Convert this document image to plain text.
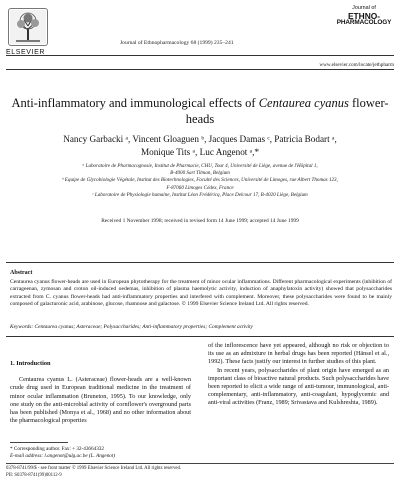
ELSEVIER
Journal of Ethnopharmacology 68 (1999) 235–241
Journal of
ETHNO-
PHARMACOLOGY
www.elsevier.com/locate/jethpharm
Anti-inflammatory and immunological effects of Centaurea cyanus flower-heads
Nancy Garbacki ᵃ, Vincent Gloaguen ᵇ, Jacques Damas ᶜ, Patricia Bodart ᵃ,
Monique Tits ᵃ, Luc Angenot ᵃ,*
ᵃ Laboratoire de Pharmacognosie, Institut de Pharmacie, CHU, Tour 4, Université de Liège, avenue de l'Hôpital 1,
B-4000 Sart Tilman, Belgium
ᵇ Equipe de Glycobiologie Végétale, Institut des Biotechnologies, Faculté des Sciences, Université de Limoges, rue Albert Thomas 123,
F-87060 Limoges Cédex, France
ᶜ Laboratoire de Physiologie humaine, Institut Léon Frédéricq, Place Delcour 17, B-4020 Liège, Belgium
Received 1 November 1998; received in revised form 14 June 1999; accepted 14 June 1999
Abstract
Centaurea cyanus flower-heads are used in European phytotherapy for the treatment of minor ocular inflammations. Different pharmacological experiments (inhibition of carrageenan, zymosan and croton oil-induced oedemas, inhibition of plasma haemolytic activity, induction of anaphylatoxin activity) showed that polysaccharides extracted from C. cyanus flower-heads had anti-inflammatory properties and interfered with complement. Moreover, these polysaccharides were found to be mainly composed of galacturonic acid, arabinose, glucose, rhamnose and galactose. © 1999 Elsevier Science Ireland Ltd. All rights reserved.
Keywords: Centaurea cyanus; Asteraceae; Polysaccharides; Anti-inflammatory properties; Complement activity
1. Introduction
Centaurea cyanus L. (Asteraceae) flower-heads are a well-known crude drug used in European traditional medicine in the treatment of minor ocular inflammation (Bruneton, 1995). To our knowledge, only one study on the anti-microbial activity of cornflower's overground parts has been published (Monya et al., 1968) and no other information about the pharmacological properties
of the inflorescence have yet appeared, although no risk or objection to its use as an admixture in herbal drugs has been reported (Hänsel et al., 1992). These facts justify our interest in further studies of this plant.
In recent years, polysaccharides of plant origin have emerged as an important class of bioactive natural products. Such polysaccharides have been reported to elicit a wide range of anti-tumour, immunological, anti-complementary, anti-inflammatory, anti-coagulant, hypoglycemic and anti-viral activities (Franz, 1989; Srivastava and Kulshreshta, 1989).
* Corresponding author. Fax: + 32-43664332
E-mail address: l.angenot@ulg.ac.be (L. Angenot)
0378-8741/99/$ - see front matter © 1999 Elsevier Science Ireland Ltd. All rights reserved.
PII: S0378-8741(99)00112-9
